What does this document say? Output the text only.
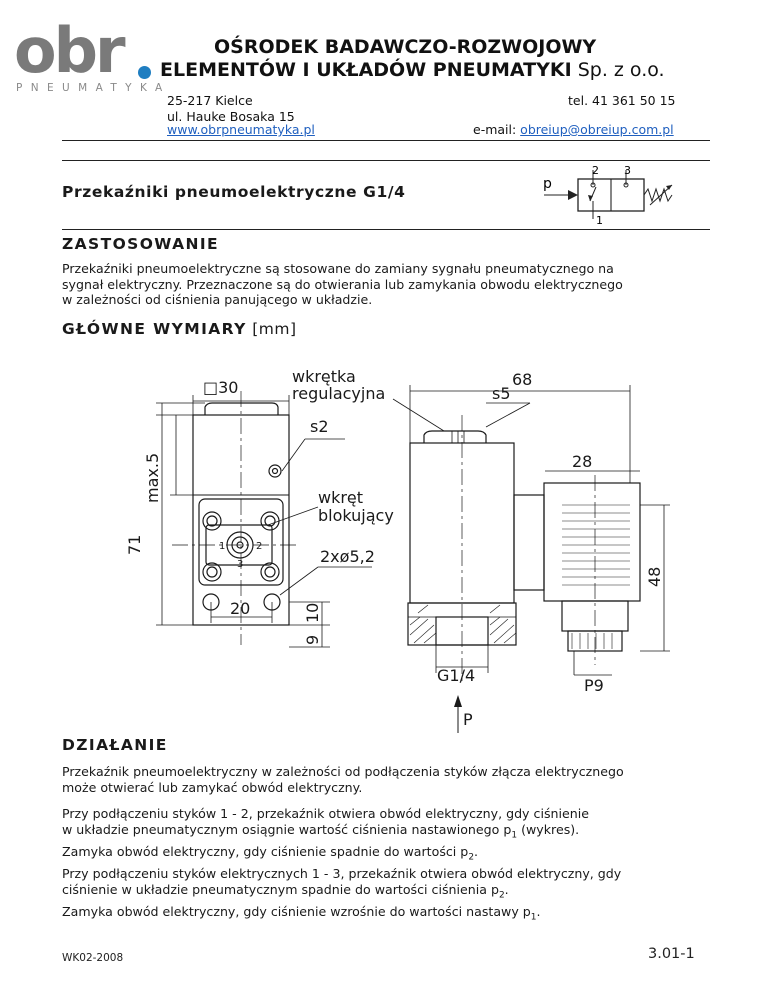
obr
PNEUMATYKA
OŚRODEK BADAWCZO-ROZWOJOWY
ELEMENTÓW I UKŁADÓW PNEUMATYKI Sp. z o.o.
25-217 Kielce
ul. Hauke Bosaka 15
www.obrpneumatyka.pl
tel. 41 361 50 15
e-mail: obreiup@obreiup.com.pl
Przekaźniki pneumoelektryczne G1/4	p
2 3
1
ZASTOSOWANIE
Przekaźniki pneumoelektryczne są stosowane do zamiany sygnału pneumatycznego na
sygnał elektryczny. Przeznaczone są do otwierania lub zamykania obwodu elektrycznego
w zależności od ciśnienia panującego w układzie.
GŁÓWNE WYMIARY [mm]
□30
wkrętka
regulacyjna
s2
s5
68
28
wkręt
blokujący
2xø5,2
20
G1/4
P9
P
max.5
71
10
9
48
1	2
3
DZIAŁANIE
Przekaźnik pneumoelektryczny w zależności od podłączenia styków złącza elektrycznego
może otwierać lub zamykać obwód elektryczny.
Przy podłączeniu styków 1 - 2, przekaźnik otwiera obwód elektryczny, gdy ciśnienie
w układzie pneumatycznym osiągnie wartość ciśnienia nastawionego $p_1$ (wykres).
Zamyka obwód elektryczny, gdy ciśnienie spadnie do wartości $p_2$.
Przy podłączeniu styków elektrycznych 1 - 3, przekaźnik otwiera obwód elektryczny, gdy
ciśnienie w układzie pneumatycznym spadnie do wartości ciśnienia $p_2$.
Zamyka obwód elektryczny, gdy ciśnienie wzrośnie do wartości nastawy $p_1$.
WK02-2008	3.01-1
